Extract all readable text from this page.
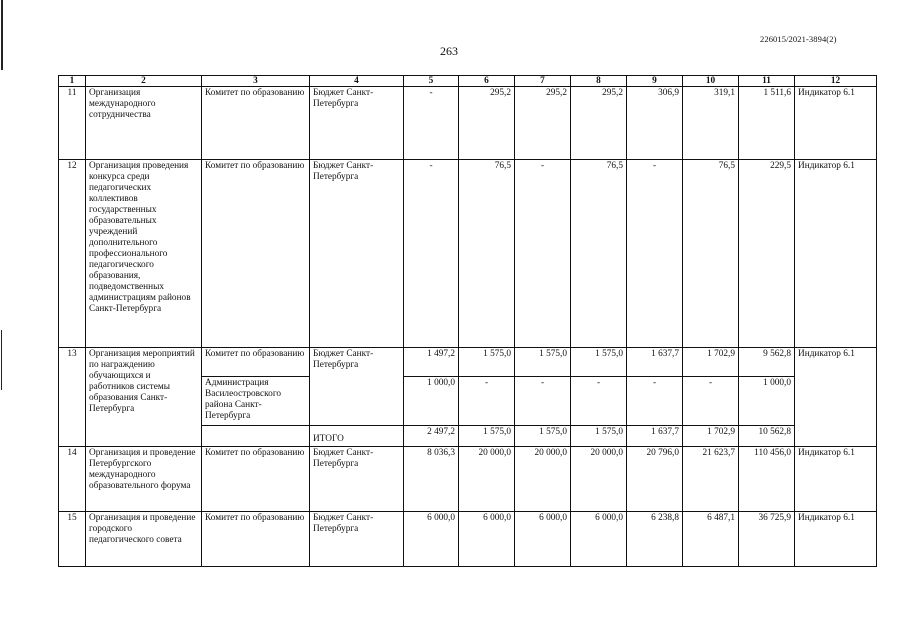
226015/2021-3894(2)
263
1	2	3	4	5	6	7	8	9	10	11	12
11	Организация международного сотрудничества	Комитет по образованию	Бюджет Санкт-Петербурга	-	295,2	295,2	295,2	306,9	319,1	1 511,6	Индикатор 6.1
12	Организация проведения конкурса среди педагогических коллективов государственных образовательных учреждений дополнительного профессионального педагогического образования, подведомственных администрациям районов Санкт-Петербурга	Комитет по образованию	Бюджет Санкт-Петербурга	-	76,5	-	76,5	-	76,5	229,5	Индикатор 6.1
13	Организация мероприятий по награждению обучающихся и работников системы образования Санкт-Петербурга	Комитет по образованию	Бюджет Санкт-Петербурга	1 497,2	1 575,0	1 575,0	1 575,0	1 637,7	1 702,9	9 562,8	Индикатор 6.1
		Администрация Василеостровского района Санкт-Петербурга		1 000,0	-	-	-	-	-	1 000,0	
			ИТОГО	2 497,2	1 575,0	1 575,0	1 575,0	1 637,7	1 702,9	10 562,8	
14	Организация и проведение Петербургского международного образовательного форума	Комитет по образованию	Бюджет Санкт-Петербурга	8 036,3	20 000,0	20 000,0	20 000,0	20 796,0	21 623,7	110 456,0	Индикатор 6.1
15	Организация и проведение городского педагогического совета	Комитет по образованию	Бюджет Санкт-Петербурга	6 000,0	6 000,0	6 000,0	6 000,0	6 238,8	6 487,1	36 725,9	Индикатор 6.1
